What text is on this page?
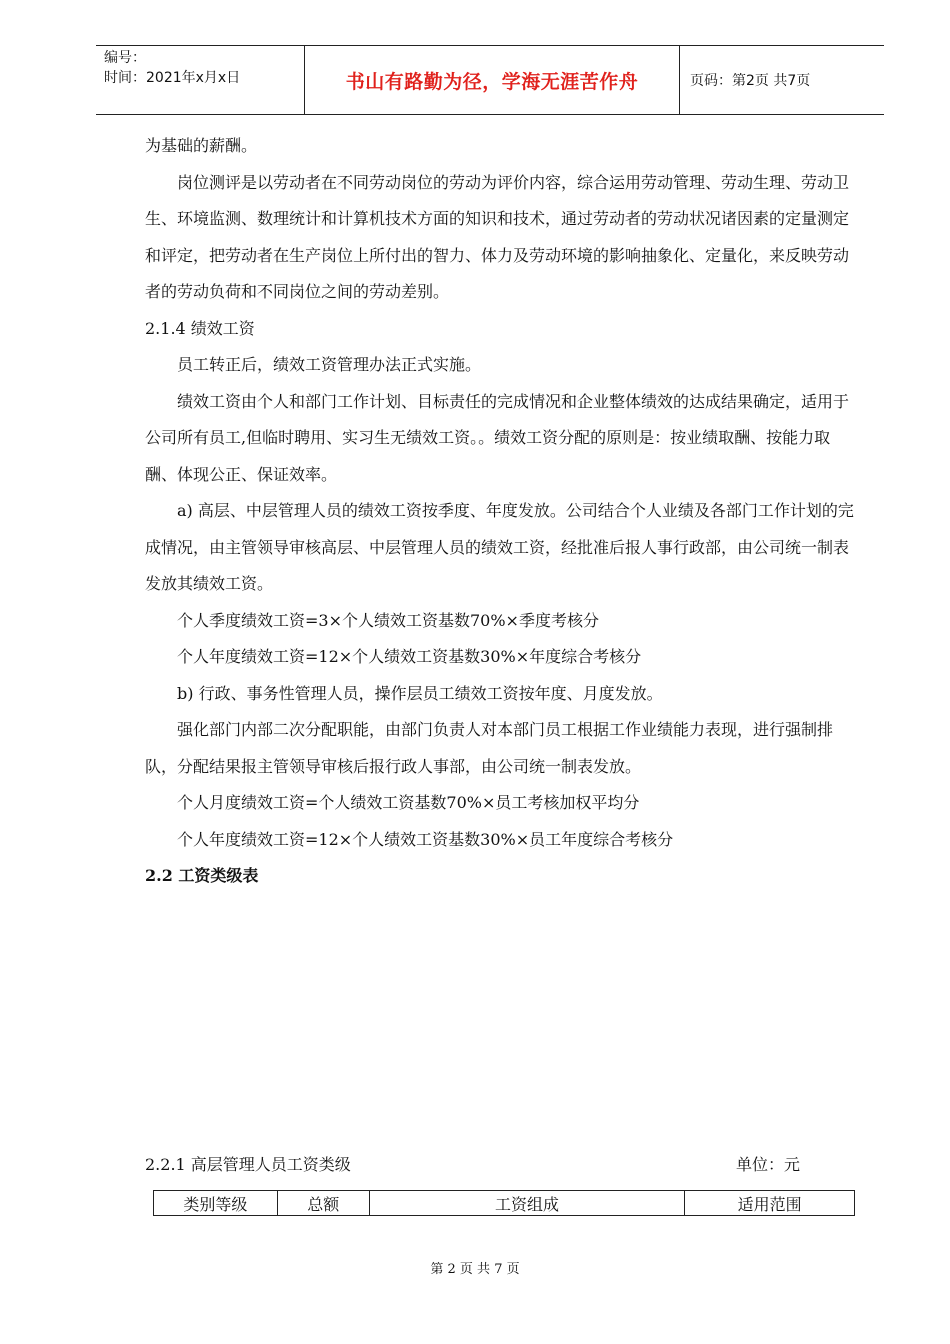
编号：
时间：2021年x月x日	书山有路勤为径，学海无涯苦作舟	页码：第2页 共7页

为基础的薪酬。

岗位测评是以劳动者在不同劳动岗位的劳动为评价内容，综合运用劳动管理、劳动生理、劳动卫生、环境监测、数理统计和计算机技术方面的知识和技术，通过劳动者的劳动状况诸因素的定量测定和评定，把劳动者在生产岗位上所付出的智力、体力及劳动环境的影响抽象化、定量化，来反映劳动者的劳动负荷和不同岗位之间的劳动差别。

2.1.4 绩效工资

员工转正后，绩效工资管理办法正式实施。

绩效工资由个人和部门工作计划、目标责任的完成情况和企业整体绩效的达成结果确定，适用于公司所有员工,但临时聘用、实习生无绩效工资。。绩效工资分配的原则是：按业绩取酬、按能力取酬、体现公正、保证效率。

a) 高层、中层管理人员的绩效工资按季度、年度发放。公司结合个人业绩及各部门工作计划的完成情况，由主管领导审核高层、中层管理人员的绩效工资，经批准后报人事行政部，由公司统一制表发放其绩效工资。

个人季度绩效工资=3×个人绩效工资基数70%×季度考核分

个人年度绩效工资=12×个人绩效工资基数30%×年度综合考核分

b) 行政、事务性管理人员，操作层员工绩效工资按年度、月度发放。

强化部门内部二次分配职能，由部门负责人对本部门员工根据工作业绩能力表现，进行强制排队，分配结果报主管领导审核后报行政人事部，由公司统一制表发放。

个人月度绩效工资=个人绩效工资基数70%×员工考核加权平均分

个人年度绩效工资=12×个人绩效工资基数30%×员工年度综合考核分

2.2 工资类级表

2.2.1 高层管理人员工资类级	单位：元
类别等级	总额	工资组成	适用范围
第 2 页 共 7 页
